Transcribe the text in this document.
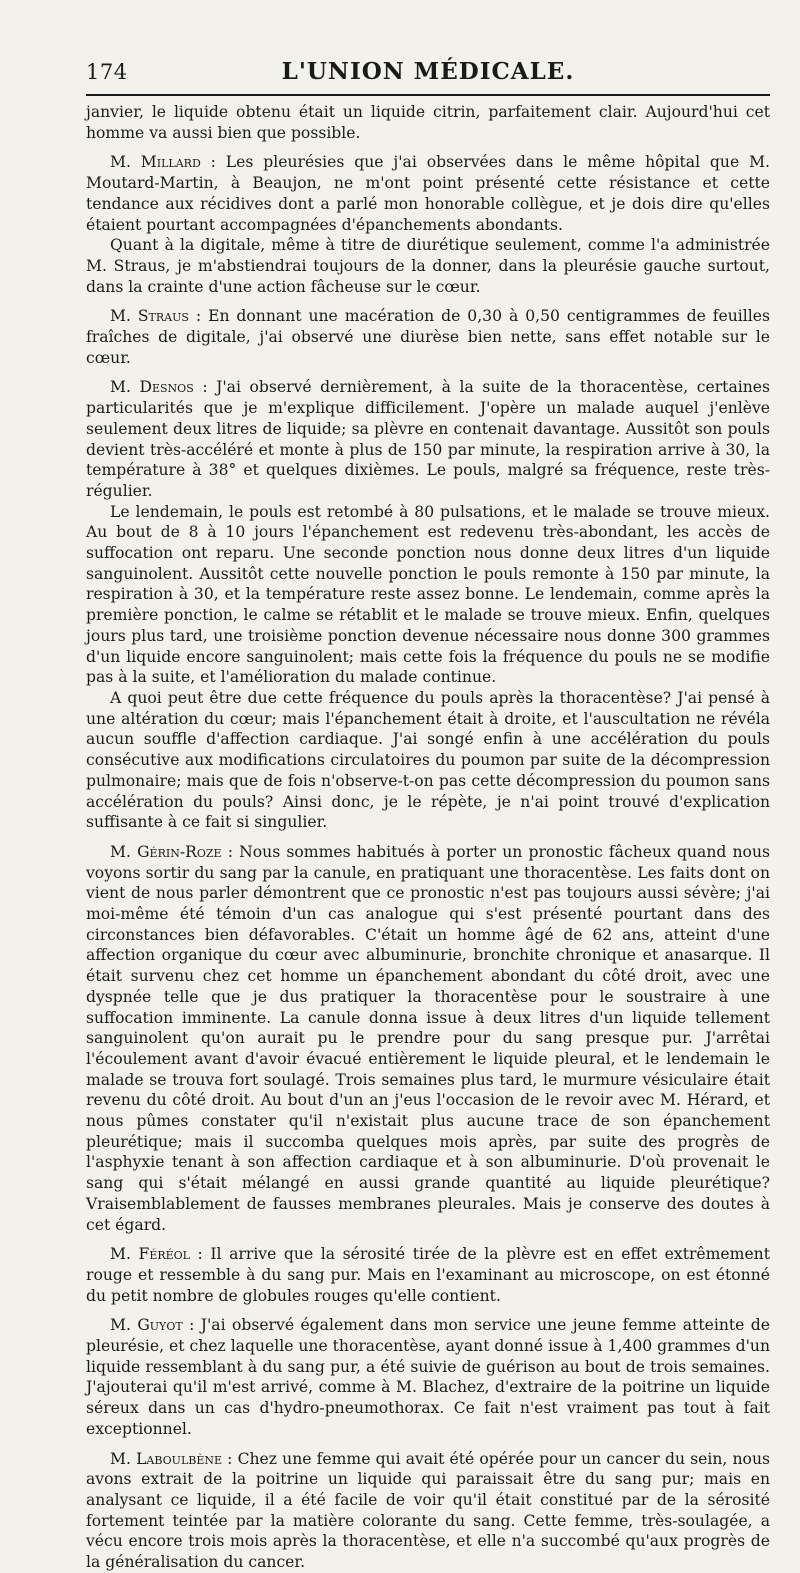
174	L'UNION MÉDICALE.

janvier, le liquide obtenu était un liquide citrin, parfaitement clair. Aujourd'hui cet homme va aussi bien que possible.

M. Millard : Les pleurésies que j'ai observées dans le même hôpital que M. Moutard-Martin, à Beaujon, ne m'ont point présenté cette résistance et cette tendance aux récidives dont a parlé mon honorable collègue, et je dois dire qu'elles étaient pourtant accompagnées d'épanchements abondants.

Quant à la digitale, même à titre de diurétique seulement, comme l'a administrée M. Straus, je m'abstiendrai toujours de la donner, dans la pleurésie gauche surtout, dans la crainte d'une action fâcheuse sur le cœur.

M. Straus : En donnant une macération de 0,30 à 0,50 centigrammes de feuilles fraîches de digitale, j'ai observé une diurèse bien nette, sans effet notable sur le cœur.

M. Desnos : J'ai observé dernièrement, à la suite de la thoracentèse, certaines particularités que je m'explique difficilement. J'opère un malade auquel j'enlève seulement deux litres de liquide; sa plèvre en contenait davantage. Aussitôt son pouls devient très-accéléré et monte à plus de 150 par minute, la respiration arrive à 30, la température à 38° et quelques dixièmes. Le pouls, malgré sa fréquence, reste très-régulier.

Le lendemain, le pouls est retombé à 80 pulsations, et le malade se trouve mieux. Au bout de 8 à 10 jours l'épanchement est redevenu très-abondant, les accès de suffocation ont reparu. Une seconde ponction nous donne deux litres d'un liquide sanguinolent. Aussitôt cette nouvelle ponction le pouls remonte à 150 par minute, la respiration à 30, et la température reste assez bonne. Le lendemain, comme après la première ponction, le calme se rétablit et le malade se trouve mieux. Enfin, quelques jours plus tard, une troisième ponction devenue nécessaire nous donne 300 grammes d'un liquide encore sanguinolent; mais cette fois la fréquence du pouls ne se modifie pas à la suite, et l'amélioration du malade continue.

A quoi peut être due cette fréquence du pouls après la thoracentèse? J'ai pensé à une altération du cœur; mais l'épanchement était à droite, et l'auscultation ne révéla aucun souffle d'affection cardiaque. J'ai songé enfin à une accélération du pouls consécutive aux modifications circulatoires du poumon par suite de la décompression pulmonaire; mais que de fois n'observe-t-on pas cette décompression du poumon sans accélération du pouls? Ainsi donc, je le répète, je n'ai point trouvé d'explication suffisante à ce fait si singulier.

M. Gérin-Roze : Nous sommes habitués à porter un pronostic fâcheux quand nous voyons sortir du sang par la canule, en pratiquant une thoracentèse. Les faits dont on vient de nous parler démontrent que ce pronostic n'est pas toujours aussi sévère; j'ai moi-même été témoin d'un cas analogue qui s'est présenté pourtant dans des circonstances bien défavorables. C'était un homme âgé de 62 ans, atteint d'une affection organique du cœur avec albuminurie, bronchite chronique et anasarque. Il était survenu chez cet homme un épanchement abondant du côté droit, avec une dyspnée telle que je dus pratiquer la thoracentèse pour le soustraire à une suffocation imminente. La canule donna issue à deux litres d'un liquide tellement sanguinolent qu'on aurait pu le prendre pour du sang presque pur. J'arrêtai l'écoulement avant d'avoir évacué entièrement le liquide pleural, et le lendemain le malade se trouva fort soulagé. Trois semaines plus tard, le murmure vésiculaire était revenu du côté droit. Au bout d'un an j'eus l'occasion de le revoir avec M. Hérard, et nous pûmes constater qu'il n'existait plus aucune trace de son épanchement pleurétique; mais il succomba quelques mois après, par suite des progrès de l'asphyxie tenant à son affection cardiaque et à son albuminurie. D'où provenait le sang qui s'était mélangé en aussi grande quantité au liquide pleurétique? Vraisemblablement de fausses membranes pleurales. Mais je conserve des doutes à cet égard.

M. Féréol : Il arrive que la sérosité tirée de la plèvre est en effet extrêmement rouge et ressemble à du sang pur. Mais en l'examinant au microscope, on est étonné du petit nombre de globules rouges qu'elle contient.

M. Guyot : J'ai observé également dans mon service une jeune femme atteinte de pleurésie, et chez laquelle une thoracentèse, ayant donné issue à 1,400 grammes d'un liquide ressemblant à du sang pur, a été suivie de guérison au bout de trois semaines. J'ajouterai qu'il m'est arrivé, comme à M. Blachez, d'extraire de la poitrine un liquide séreux dans un cas d'hydro-pneumothorax. Ce fait n'est vraiment pas tout à fait exceptionnel.

M. Laboulbène : Chez une femme qui avait été opérée pour un cancer du sein, nous avons extrait de la poitrine un liquide qui paraissait être du sang pur; mais en analysant ce liquide, il a été facile de voir qu'il était constitué par de la sérosité fortement teintée par la matière colorante du sang. Cette femme, très-soulagée, a vécu encore trois mois après la thoracentèse, et elle n'a succombé qu'aux progrès de la généralisation du cancer.
